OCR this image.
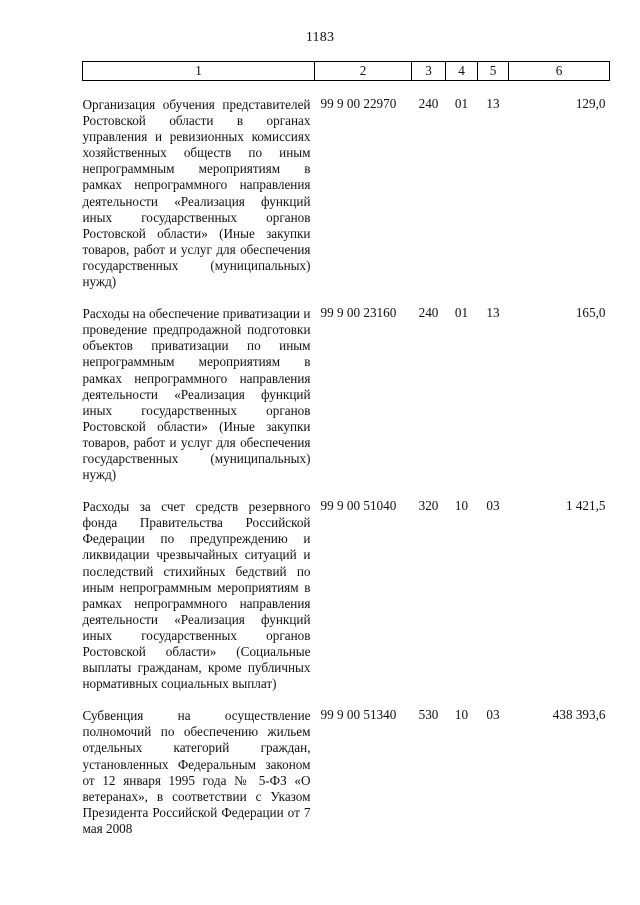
1183
1	2	3	4	5	6

Организация обучения представителей Ростовской области в органах управления и ревизионных комиссиях хозяйственных обществ по иным непрограммным мероприятиям в рамках непрограммного направления деятельности «Реализация функций иных государственных органов Ростовской области» (Иные закупки товаров, работ и услуг для обеспечения государственных (муниципальных) нужд)	99 9 00 22970	240	01	13	129,0

Расходы на обеспечение приватизации и проведение предпродажной подготовки объектов приватизации по иным непрограммным мероприятиям в рамках непрограммного направления деятельности «Реализация функций иных государственных органов Ростовской области» (Иные закупки товаров, работ и услуг для обеспечения государственных (муниципальных) нужд)	99 9 00 23160	240	01	13	165,0

Расходы за счет средств резервного фонда Правительства Российской Федерации по предупреждению и ликвидации чрезвычайных ситуаций и последствий стихийных бедствий по иным непрограммным мероприятиям в рамках непрограммного направления деятельности «Реализация функций иных государственных органов Ростовской области» (Социальные выплаты гражданам, кроме публичных нормативных социальных выплат)	99 9 00 51040	320	10	03	1 421,5

Субвенция на осуществление полномочий по обеспечению жильем отдельных категорий граждан, установленных Федеральным законом от 12 января 1995 года № 5-ФЗ «О ветеранах», в соответствии с Указом Президента Российской Федерации от 7 мая 2008	99 9 00 51340	530	10	03	438 393,6
